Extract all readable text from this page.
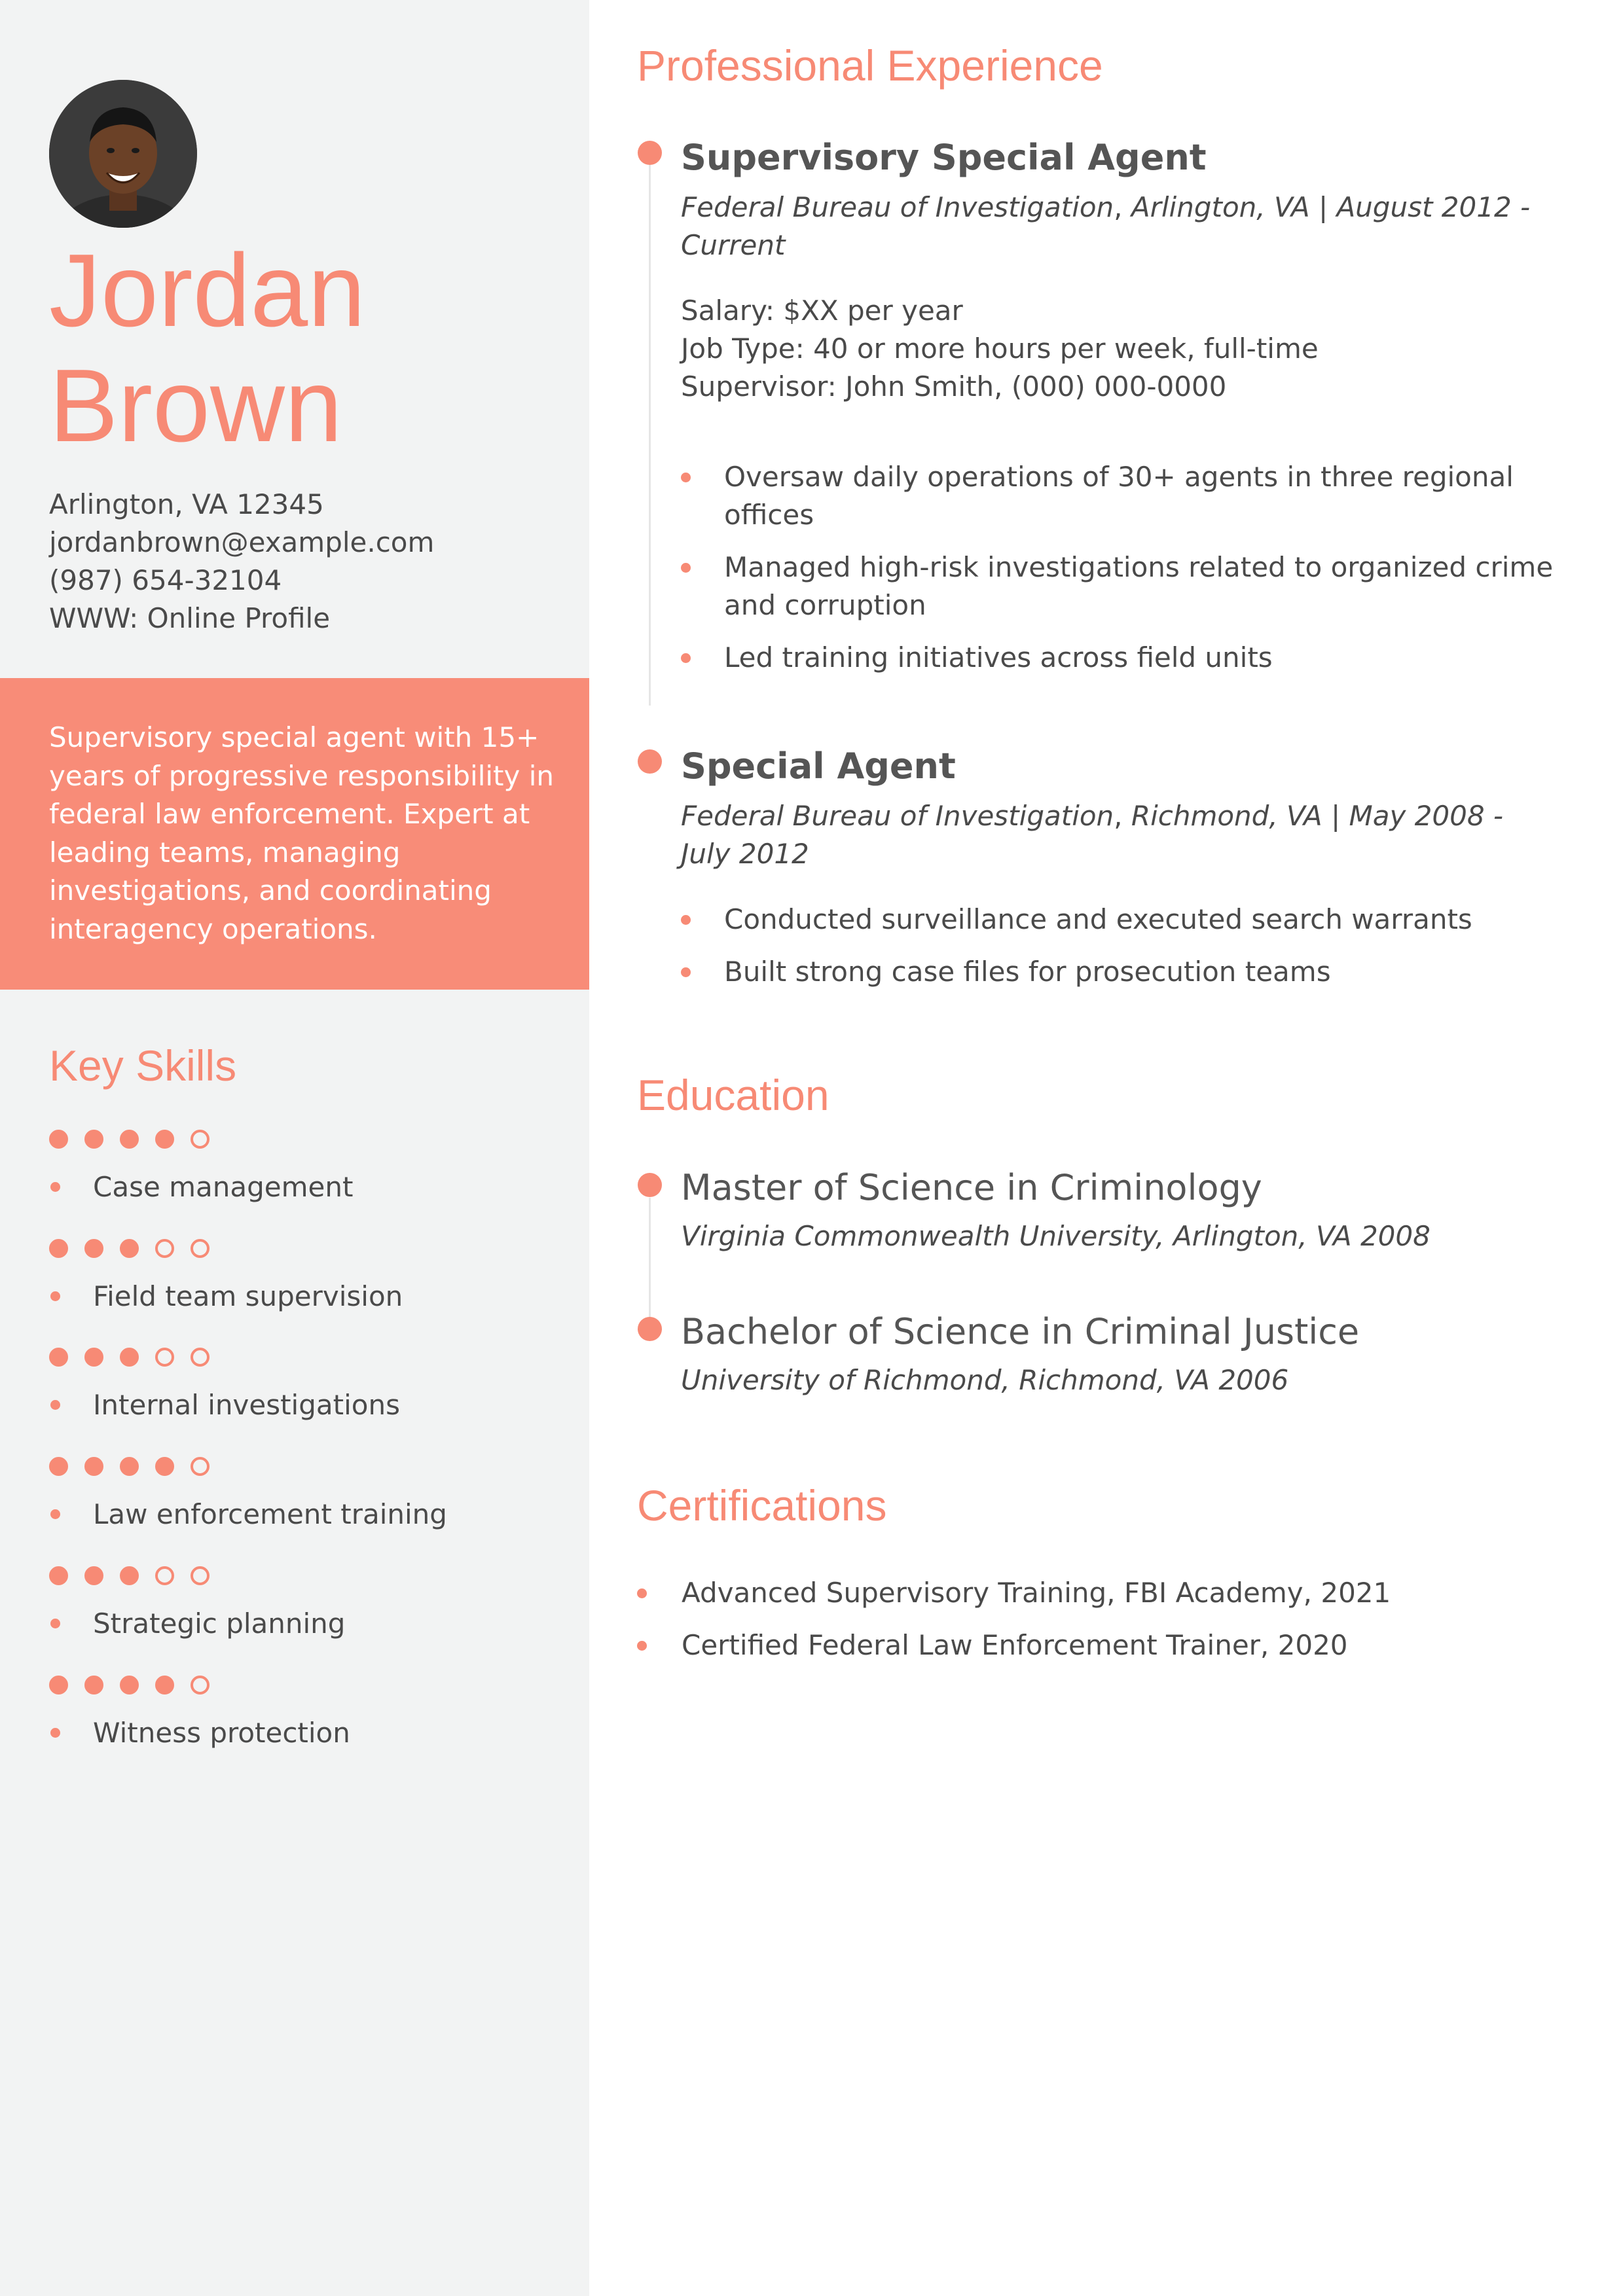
Jordan
Brown
Arlington, VA 12345
jordanbrown@example.com
(987) 654-32104
WWW: Online Profile

Supervisory special agent with 15+ years of progressive responsibility in federal law enforcement. Expert at leading teams, managing investigations, and coordinating interagency operations.

Key Skills
Case management
Field team supervision
Internal investigations
Law enforcement training
Strategic planning
Witness protection
Professional Experience
Supervisory Special Agent
Federal Bureau of Investigation, Arlington, VA | August 2012 -
Current
Salary: $XX per year
Job Type: 40 or more hours per week, full-time
Supervisor: John Smith, (000) 000-0000
Oversaw daily operations of 30+ agents in three regional offices
Managed high-risk investigations related to organized crime and corruption
Led training initiatives across field units
Special Agent
Federal Bureau of Investigation, Richmond, VA | May 2008 -
July 2012
Conducted surveillance and executed search warrants
Built strong case files for prosecution teams
Education
Master of Science in Criminology
Virginia Commonwealth University, Arlington, VA 2008
Bachelor of Science in Criminal Justice
University of Richmond, Richmond, VA 2006
Certifications
Advanced Supervisory Training, FBI Academy, 2021
Certified Federal Law Enforcement Trainer, 2020
